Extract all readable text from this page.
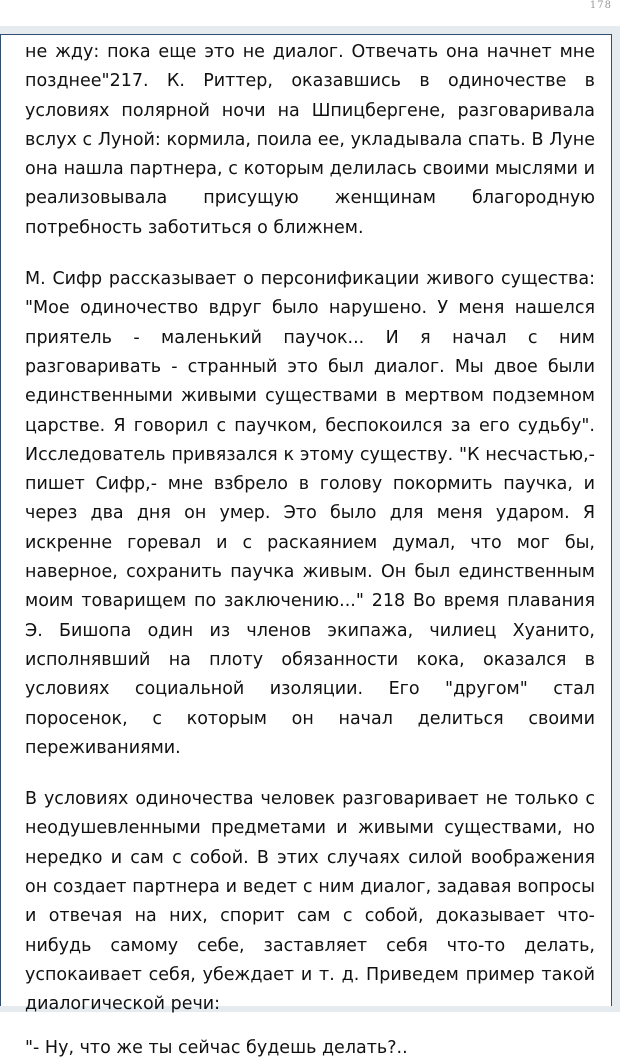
178

не жду: пока еще это не диалог. Отвечать она начнет мне позднее"217. К. Риттер, оказавшись в одиночестве в условиях полярной ночи на Шпицбергене, разговаривала вслух с Луной: кормила, поила ее, укладывала спать. В Луне она нашла партнера, с которым делилась своими мыслями и реализовывала присущую женщинам благородную потребность заботиться о ближнем.

М. Сифр рассказывает о персонификации живого существа: "Мое одиночество вдруг было нарушено. У меня нашелся приятель - маленький паучок... И я начал с ним разговаривать - странный это был диалог. Мы двое были единственными живыми существами в мертвом подземном царстве. Я говорил с паучком, беспокоился за его судьбу". Исследователь привязался к этому существу. "К несчастью,- пишет Сифр,- мне взбрело в голову покормить паучка, и через два дня он умер. Это было для меня ударом. Я искренне горевал и с раскаянием думал, что мог бы, наверное, сохранить паучка живым. Он был единственным моим товарищем по заключению..." 218 Во время плавания Э. Бишопа один из членов экипажа, чилиец Хуанито, исполнявший на плоту обязанности кока, оказался в условиях социальной изоляции. Его "другом" стал поросенок, с которым он начал делиться своими переживаниями.

В условиях одиночества человек разговаривает не только с неодушевленными предметами и живыми существами, но нередко и сам с собой. В этих случаях силой воображения он создает партнера и ведет с ним диалог, задавая вопросы и отвечая на них, спорит сам с собой, доказывает что-нибудь самому себе, заставляет себя что-то делать, успокаивает себя, убеждает и т. д. Приведем пример такой диалогической речи:

"- Ну, что же ты сейчас будешь делать?..
